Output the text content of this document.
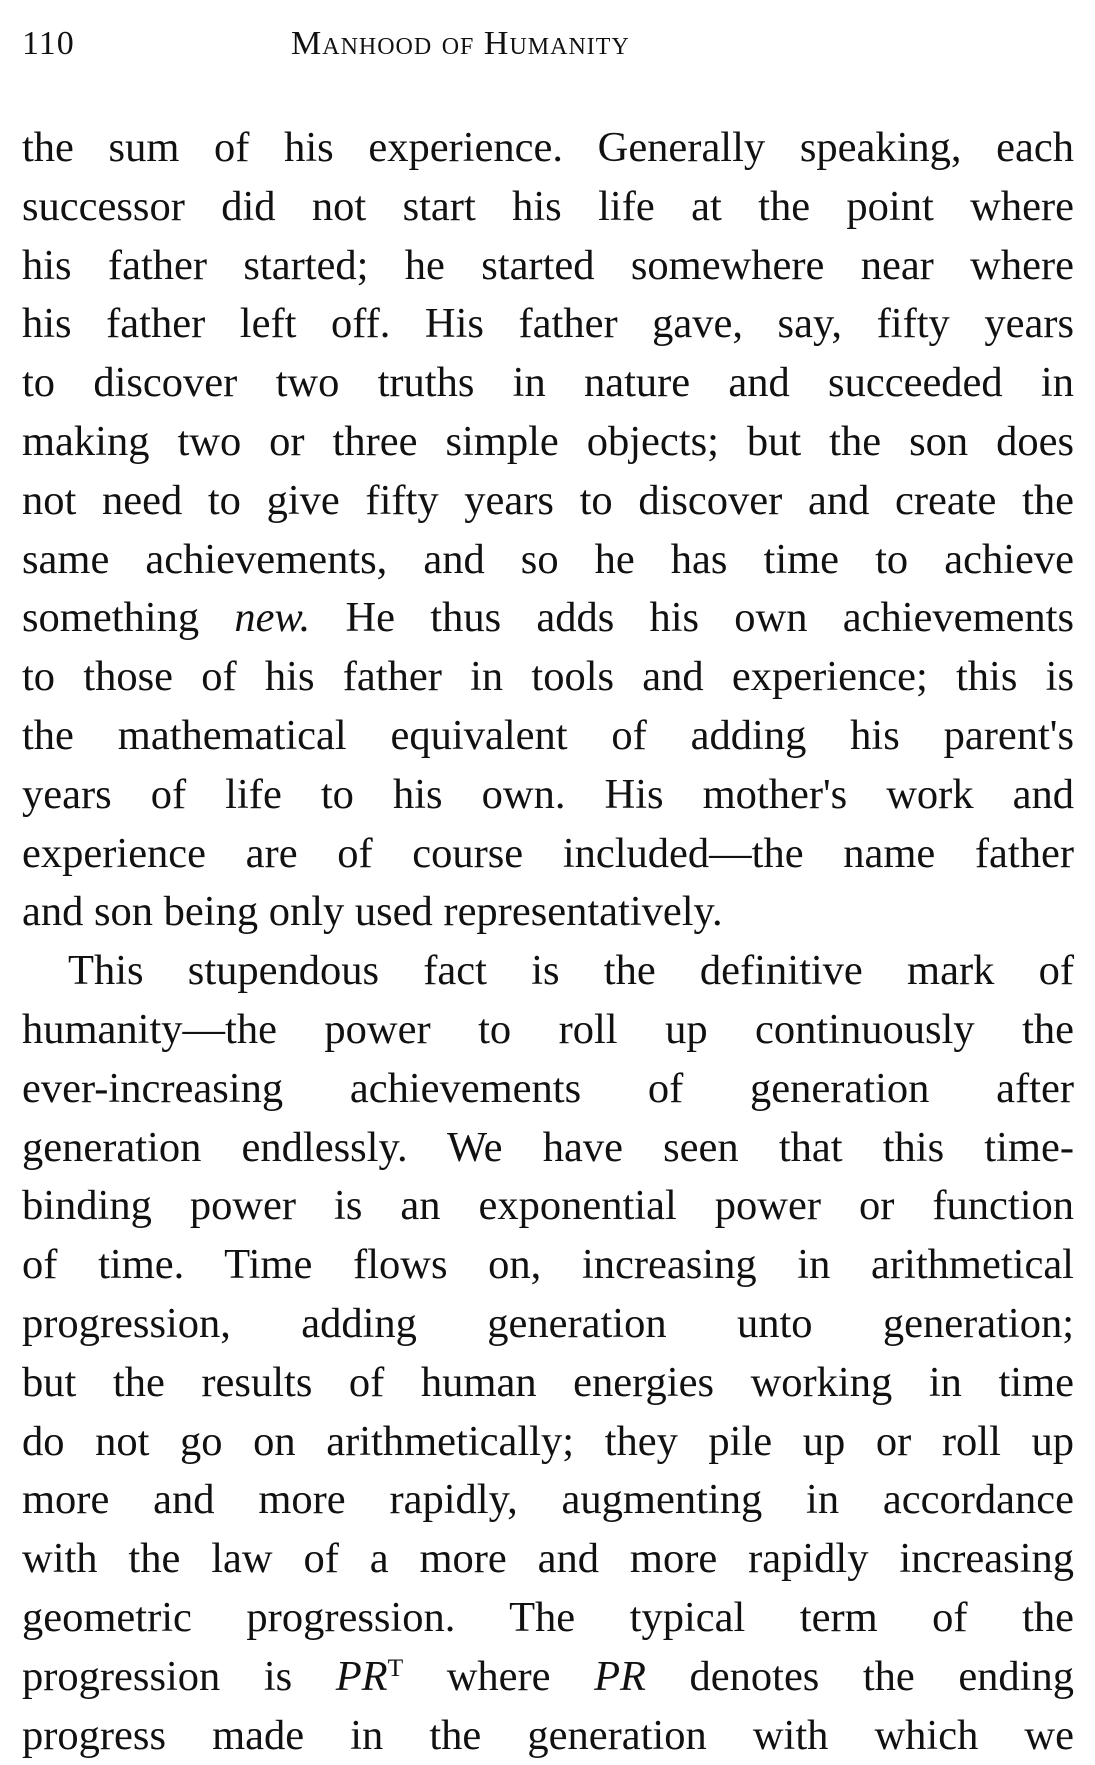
110	Manhood of Humanity

the sum of his experience. Generally speaking, each
successor did not start his life at the point where
his father started; he started somewhere near where
his father left off. His father gave, say, fifty years
to discover two truths in nature and succeeded in
making two or three simple objects; but the son does
not need to give fifty years to discover and create the
same achievements, and so he has time to achieve
something new. He thus adds his own achievements
to those of his father in tools and experience; this is
the mathematical equivalent of adding his parent's
years of life to his own. His mother's work and
experience are of course included—the name father
and son being only used representatively.

This stupendous fact is the definitive mark of
humanity—the power to roll up continuously the
ever-increasing achievements of generation after
generation endlessly. We have seen that this time-
binding power is an exponential power or function
of time. Time flows on, increasing in arithmetical
progression, adding generation unto generation;
but the results of human energies working in time
do not go on arithmetically; they pile up or roll up
more and more rapidly, augmenting in accordance
with the law of a more and more rapidly increasing
geometric progression. The typical term of the
progression is $PR^T$ where PR denotes the ending
progress made in the generation with which we
